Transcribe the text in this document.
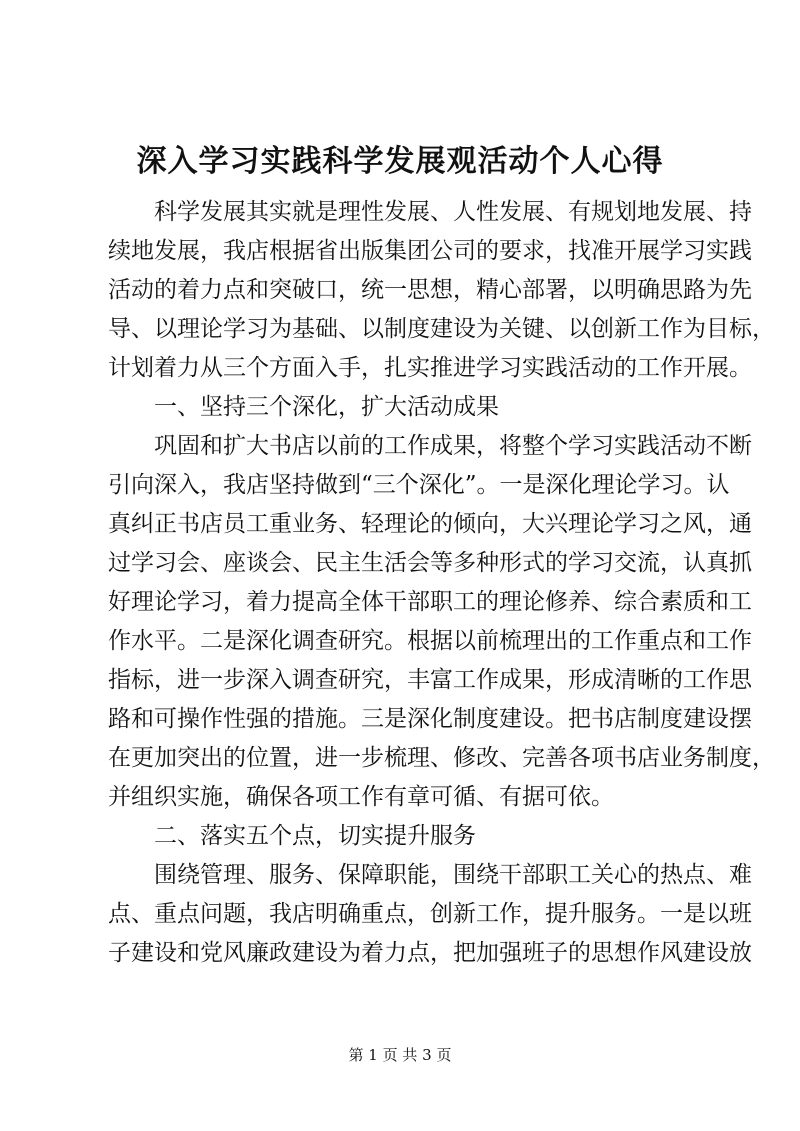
深入学习实践科学发展观活动个人心得

　　科学发展其实就是理性发展、人性发展、有规划地发展、持

续地发展，我店根据省出版集团公司的要求，找准开展学习实践

活动的着力点和突破口，统一思想，精心部署，以明确思路为先

导、以理论学习为基础、以制度建设为关键、以创新工作为目标，

计划着力从三个方面入手，扎实推进学习实践活动的工作开展。

　　一、坚持三个深化，扩大活动成果

　　巩固和扩大书店以前的工作成果，将整个学习实践活动不断

引向深入，我店坚持做到“三个深化”。一是深化理论学习。认

真纠正书店员工重业务、轻理论的倾向，大兴理论学习之风，通

过学习会、座谈会、民主生活会等多种形式的学习交流，认真抓

好理论学习，着力提高全体干部职工的理论修养、综合素质和工

作水平。二是深化调查研究。根据以前梳理出的工作重点和工作

指标，进一步深入调查研究，丰富工作成果，形成清晰的工作思

路和可操作性强的措施。三是深化制度建设。把书店制度建设摆

在更加突出的位置，进一步梳理、修改、完善各项书店业务制度，

并组织实施，确保各项工作有章可循、有据可依。

　　二、落实五个点，切实提升服务

　　围绕管理、服务、保障职能，围绕干部职工关心的热点、难

点、重点问题，我店明确重点，创新工作，提升服务。一是以班

子建设和党风廉政建设为着力点，把加强班子的思想作风建设放

第 1 页 共 3 页
